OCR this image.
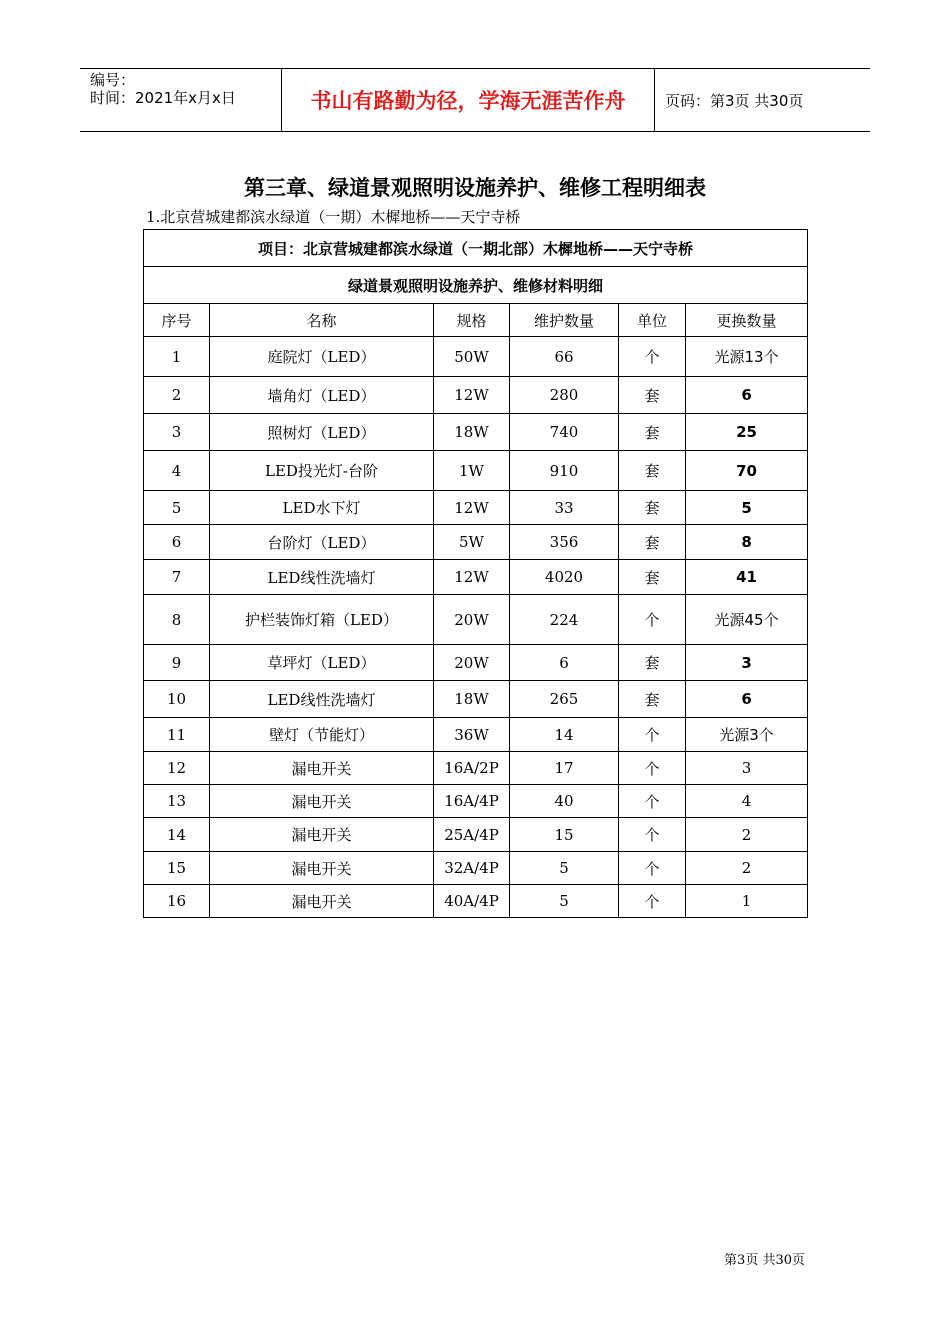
编号：
时间：2021年x月x日	书山有路勤为径，学海无涯苦作舟	页码：第3页 共30页
第三章、绿道景观照明设施养护、维修工程明细表
1.北京营城建都滨水绿道（一期）木樨地桥——天宁寺桥
项目：北京营城建都滨水绿道（一期北部）木樨地桥——天宁寺桥					
绿道景观照明设施养护、维修材料明细					
序号	名称	规格	维护数量	单位	更换数量
1	庭院灯（LED）	50W	66	个	光源13个
2	墙角灯（LED）	12W	280	套	6
3	照树灯（LED）	18W	740	套	25
4	LED投光灯-台阶	1W	910	套	70
5	LED水下灯	12W	33	套	5
6	台阶灯（LED）	5W	356	套	8
7	LED线性洗墙灯	12W	4020	套	41
8	护栏装饰灯箱（LED）	20W	224	个	光源45个
9	草坪灯（LED）	20W	6	套	3
10	LED线性洗墙灯	18W	265	套	6
11	壁灯（节能灯）	36W	14	个	光源3个
12	漏电开关	16A/2P	17	个	3
13	漏电开关	16A/4P	40	个	4
14	漏电开关	25A/4P	15	个	2
15	漏电开关	32A/4P	5	个	2
16	漏电开关	40A/4P	5	个	1
第3页 共30页
